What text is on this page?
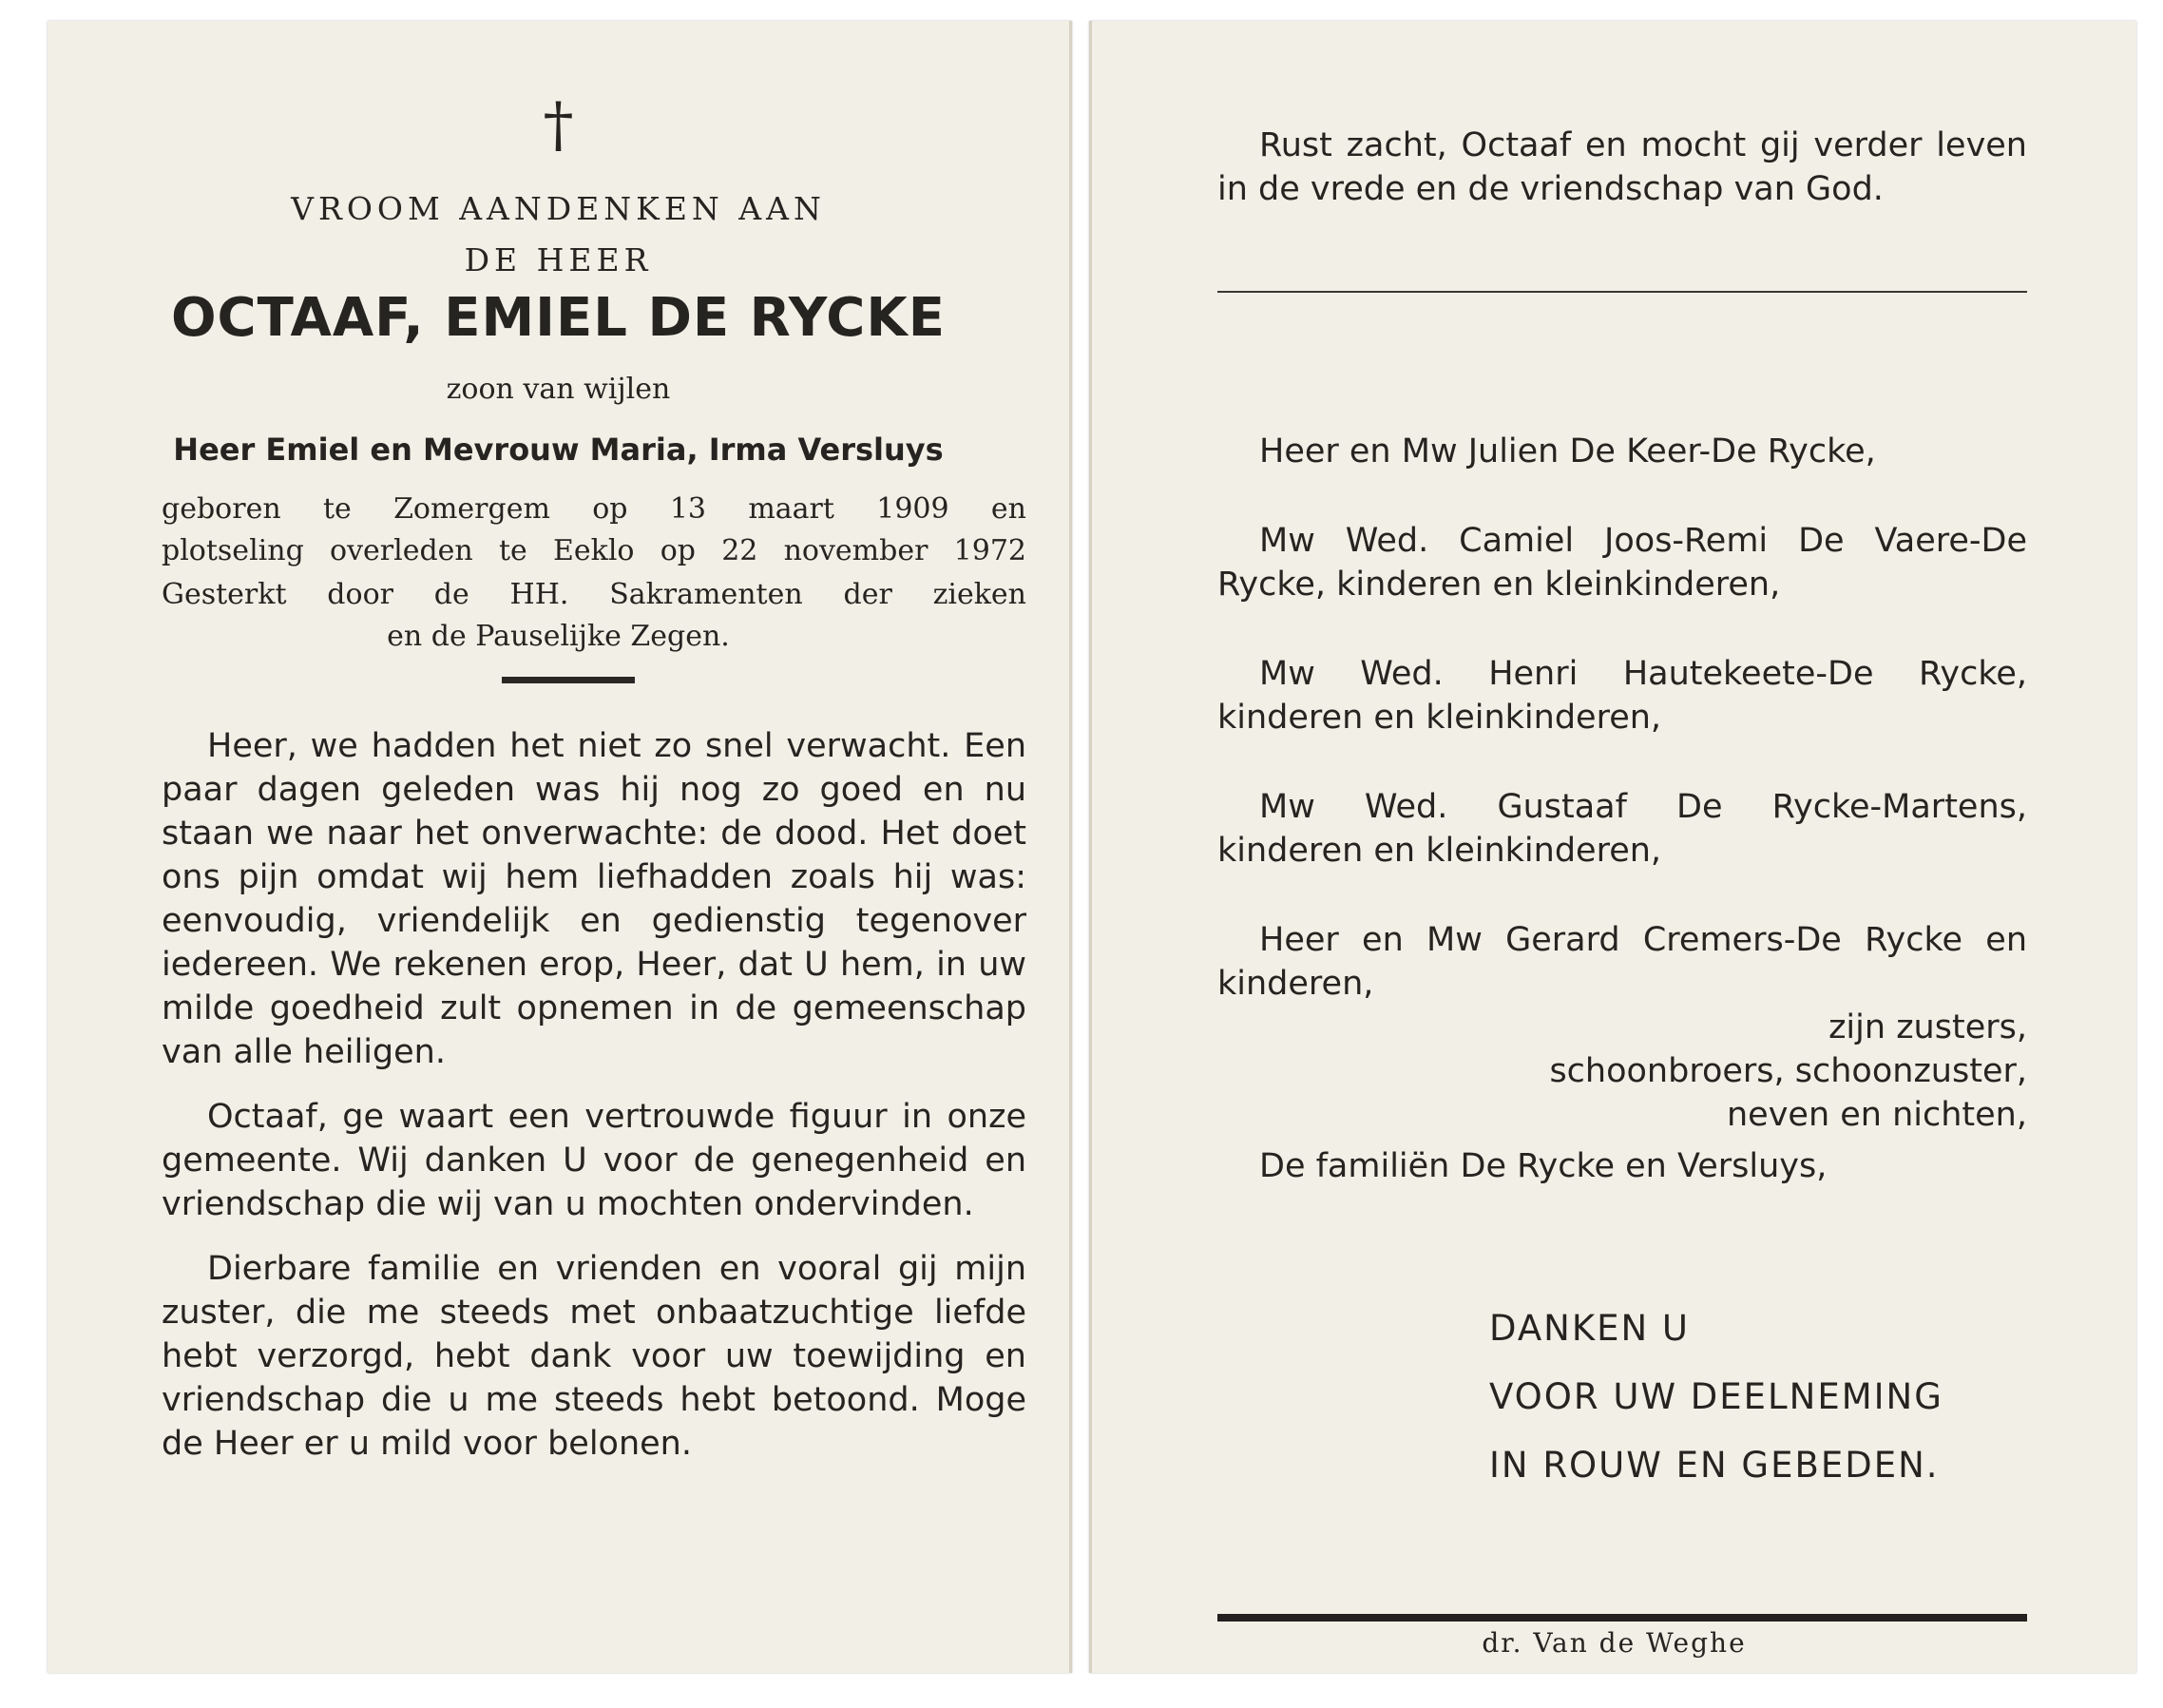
†
VROOM AANDENKEN AAN
DE HEER
OCTAAF, EMIEL DE RYCKE
zoon van wijlen
Heer Emiel en Mevrouw Maria, Irma Versluys
geboren te Zomergem op 13 maart 1909 en
plotseling overleden te Eeklo op 22 november 1972
Gesterkt door de HH. Sakramenten der zieken
en de Pauselijke Zegen.

Heer, we hadden het niet zo snel verwacht. Een paar dagen geleden was hij nog zo goed en nu staan we naar het onverwachte: de dood. Het doet ons pijn omdat wij hem liefhadden zoals hij was: eenvoudig, vriendelijk en gedienstig tegenover iedereen. We rekenen erop, Heer, dat U hem, in uw milde goedheid zult opnemen in de gemeenschap van alle heiligen.

Octaaf, ge waart een vertrouwde figuur in onze gemeente. Wij danken U voor de genegenheid en vriendschap die wij van u mochten ondervinden.

Dierbare familie en vrienden en vooral gij mijn zuster, die me steeds met onbaatzuchtige liefde hebt verzorgd, hebt dank voor uw toewijding en vriendschap die u me steeds hebt betoond. Moge de Heer er u mild voor belonen.

Rust zacht, Octaaf en mocht gij verder leven in de vrede en de vriendschap van God.

Heer en Mw Julien De Keer-De Rycke,

Mw Wed. Camiel Joos-Remi De Vaere-De Rycke, kinderen en kleinkinderen,

Mw Wed. Henri Hautekeete-De Rycke, kinderen en kleinkinderen,

Mw Wed. Gustaaf De Rycke-Martens, kinderen en kleinkinderen,

Heer en Mw Gerard Cremers-De Rycke en kinderen,

zijn zusters,

schoonbroers, schoonzuster,

neven en nichten,

De familiën De Rycke en Versluys,

DANKEN U
VOOR UW DEELNEMING
IN ROUW EN GEBEDEN.
dr. Van de Weghe
